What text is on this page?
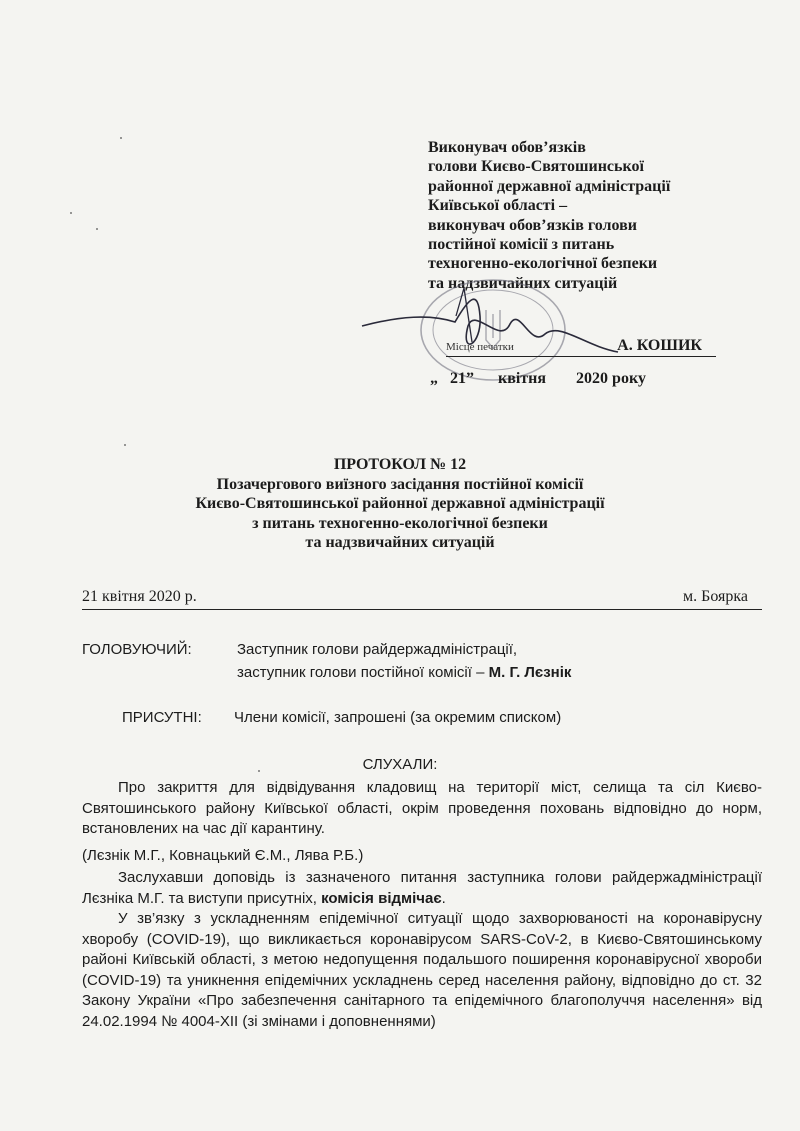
Виконувач обов’язків
голови Києво-Святошинської
районної державної адміністрації
Київської області –
виконувач обов’язків голови
постійної комісії з питань
техногенно-екологічної безпеки
та надзвичайних ситуацій
Місце печатки	А. КОШИК
„ 21” квітня 2020 року
ПРОТОКОЛ № 12
Позачергового виїзного засідання постійної комісії
Києво-Святошинської районної державної адміністрації
з питань техногенно-екологічної безпеки
та надзвичайних ситуацій
21 квітня 2020 р.	м. Боярка
ГОЛОВУЮЧИЙ:	Заступник голови райдержадміністрації,
заступник голови постійної комісії – М. Г. Лєзнік
ПРИСУТНІ: Члени комісії, запрошені (за окремим списком)
СЛУХАЛИ:

Про закриття для відвідування кладовищ на території міст, селища та сіл Києво-Святошинського району Київської області, окрім проведення поховань відповідно до норм, встановлених на час дії карантину.

(Лєзнік М.Г., Ковнацький Є.М., Лява Р.Б.)

Заслухавши доповідь із зазначеного питання заступника голови райдержадміністрації Лєзніка М.Г. та виступи присутніх, комісія відмічає.

У зв’язку з ускладненням епідемічної ситуації щодо захворюваності на коронавірусну хворобу (COVID-19), що викликається коронавірусом SARS-CoV-2, в Києво-Святошинському районі Київській області, з метою недопущення подальшого поширення коронавірусної хвороби (COVID-19) та уникнення епідемічних ускладнень серед населення району, відповідно до ст. 32 Закону України «Про забезпечення санітарного та епідемічного благополуччя населення» від 24.02.1994 № 4004-ХІІ (зі змінами і доповненнями)
